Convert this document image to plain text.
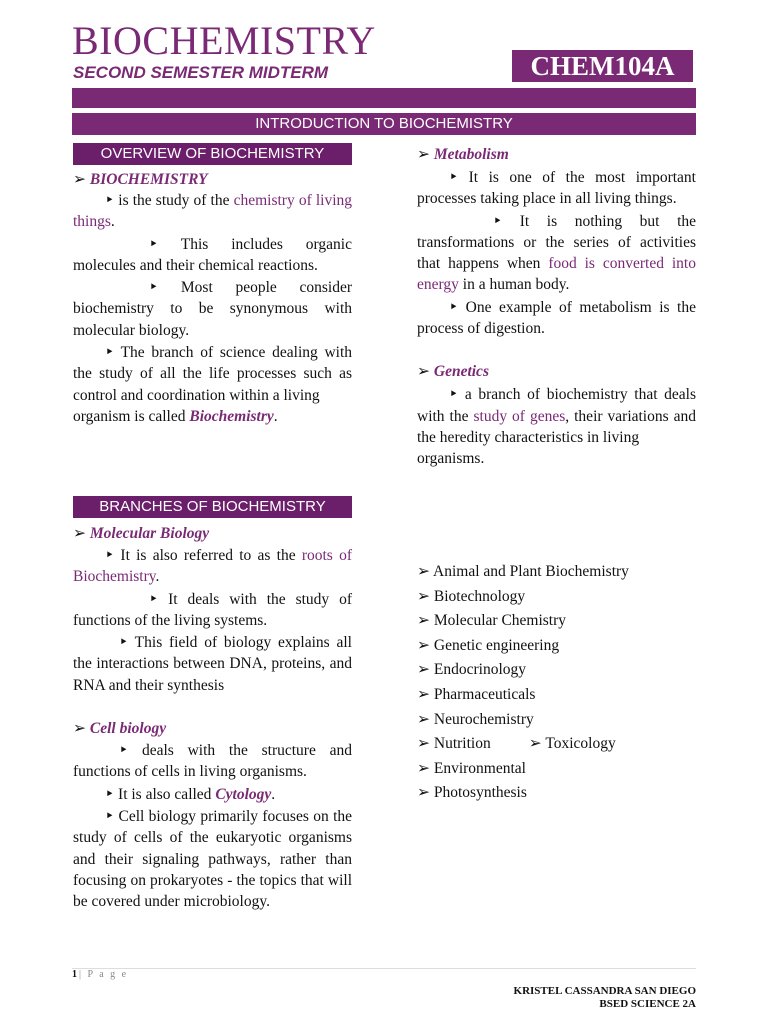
BIOCHEMISTRY
SECOND SEMESTER MIDTERM	CHEM104A
INTRODUCTION TO BIOCHEMISTRY
OVERVIEW OF BIOCHEMISTRY

➢ BIOCHEMISTRY

‣ is the study of the chemistry of living things.

‣ This includes organic molecules and their chemical reactions.

‣ Most people consider biochemistry to be synonymous with molecular biology.

‣ The branch of science dealing with the study of all the life processes such as control and coordination within a living

organism is called Biochemistry.

BRANCHES OF BIOCHEMISTRY

➢ Molecular Biology

‣ It is also referred to as the roots of Biochemistry.

‣ It deals with the study of functions of the living systems.

‣ This field of biology explains all the interactions between DNA, proteins, and RNA and their synthesis

➢ Cell biology

‣ deals with the structure and functions of cells in living organisms.

‣ It is also called Cytology.

‣ Cell biology primarily focuses on the study of cells of the eukaryotic organisms and their signaling pathways, rather than focusing on prokaryotes - the topics that will be covered under microbiology.

➢ Metabolism

‣ It is one of the most important processes taking place in all living things.

‣ It is nothing but the transformations or the series of activities that happens when food is converted into energy in a human body.

‣ One example of metabolism is the process of digestion.

➢ Genetics

‣ a branch of biochemistry that deals with the study of genes, their variations and the heredity characteristics in living

organisms.

➢ Animal and Plant Biochemistry
➢ Biotechnology
➢ Molecular Chemistry
➢ Genetic engineering
➢ Endocrinology
➢ Pharmaceuticals
➢ Neurochemistry
➢ Nutrition ➢ Toxicology
➢ Environmental
➢ Photosynthesis
1| P a g e
KRISTEL CASSANDRA SAN DIEGO
BSED SCIENCE 2A
